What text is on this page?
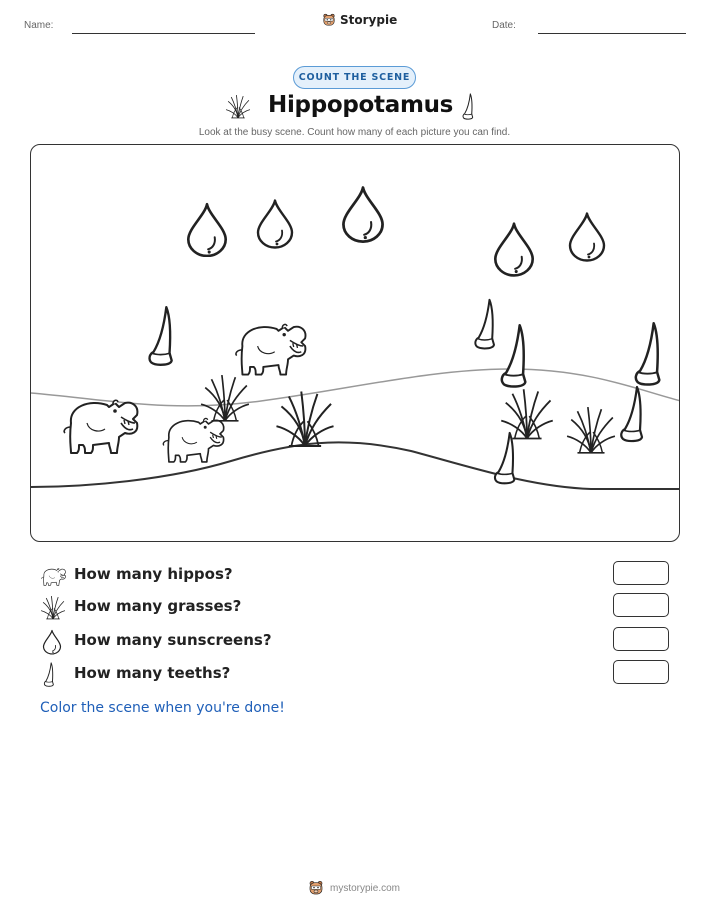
Name:	Storypie	Date:
COUNT THE SCENE
Hippopotamus
Look at the busy scene. Count how many of each picture you can find.
How many hippos?
How many grasses?
How many sunscreens?
How many teeths?
Color the scene when you're done!
mystorypie.com
